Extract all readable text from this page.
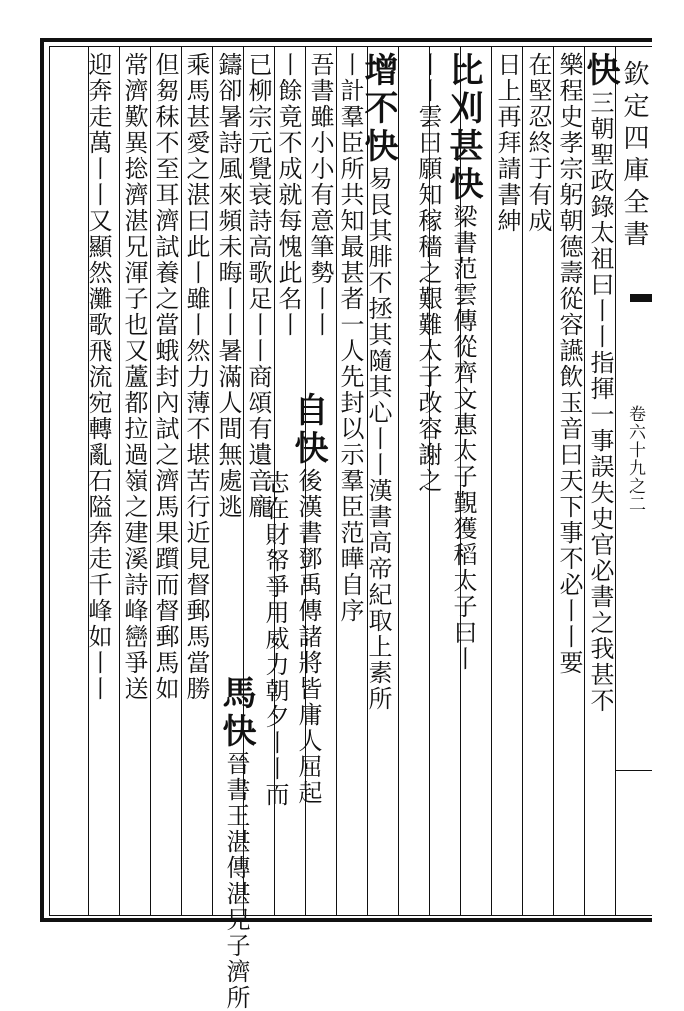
欽定四庫全書
卷六十九之二
快
三朝聖政錄太祖曰丨丨指揮一事誤失史官必書之我甚不
樂程史孝宗躬朝德壽從容讌飲玉音曰天下事不必丨丨要
在堅忍終于有成
日上再拜請書紳
比刈甚快
梁書范雲傳從齊文惠太子覲獲稻太子曰丨
丨丨雲曰願知稼穡之艱難太子改容謝之
增不快
易艮其腓不拯其隨其心丨丨漢書高帝紀取上素所
丨計羣臣所共知最甚者一人先封以示羣臣范曄自序
吾書雖小小有意筆勢丨丨
自快
後漢書鄧禹傳諸將皆庸人屈起
丨餘竟不成就每愧此名丨
志在財帑爭用威力朝夕丨丨而
已柳宗元覺衰詩高歌足丨丨商頌有遺音龐
鑄卻暑詩風來頻未晦丨丨暑滿人間無處逃
馬快
晉書王湛傳湛兄子濟所
乘馬甚愛之湛曰此丨雖丨然力薄不堪苦行近見督郵馬當勝
但芻秣不至耳濟試養之當蛾封內試之濟馬果躓而督郵馬如
常濟歎異捴濟湛兄渾子也又蘆都拉過嶺之建溪詩峰巒爭送
迎奔走萬丨丨又顯然灘歌飛流宛轉亂石隘奔走千峰如丨丨
